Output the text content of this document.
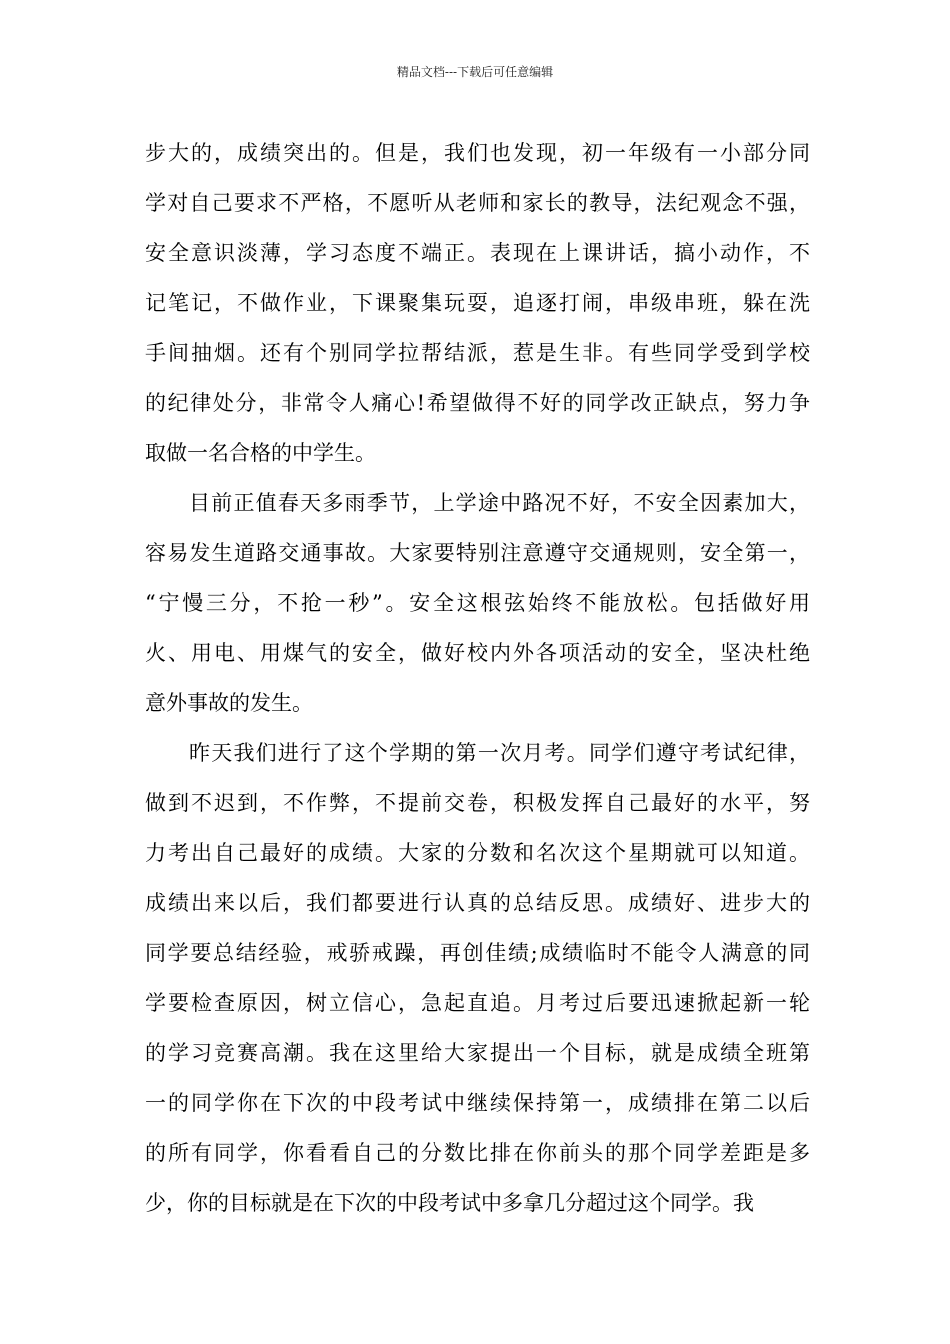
精品文档---下载后可任意编辑
步大的，成绩突出的。但是，我们也发现，初一年级有一小部分同
学对自己要求不严格，不愿听从老师和家长的教导，法纪观念不强，
安全意识淡薄，学习态度不端正。表现在上课讲话，搞小动作，不
记笔记，不做作业，下课聚集玩耍，追逐打闹，串级串班，躲在洗
手间抽烟。还有个别同学拉帮结派，惹是生非。有些同学受到学校
的纪律处分，非常令人痛心!希望做得不好的同学改正缺点，努力争
取做一名合格的中学生。
目前正值春天多雨季节，上学途中路况不好，不安全因素加大，
容易发生道路交通事故。大家要特别注意遵守交通规则，安全第一，
“宁慢三分，不抢一秒”。安全这根弦始终不能放松。包括做好用
火、用电、用煤气的安全，做好校内外各项活动的安全，坚决杜绝
意外事故的发生。
昨天我们进行了这个学期的第一次月考。同学们遵守考试纪律，
做到不迟到，不作弊，不提前交卷，积极发挥自己最好的水平，努
力考出自己最好的成绩。大家的分数和名次这个星期就可以知道。
成绩出来以后，我们都要进行认真的总结反思。成绩好、进步大的
同学要总结经验，戒骄戒躁，再创佳绩;成绩临时不能令人满意的同
学要检查原因，树立信心，急起直追。月考过后要迅速掀起新一轮
的学习竞赛高潮。我在这里给大家提出一个目标，就是成绩全班第
一的同学你在下次的中段考试中继续保持第一，成绩排在第二以后
的所有同学，你看看自己的分数比排在你前头的那个同学差距是多
少，你的目标就是在下次的中段考试中多拿几分超过这个同学。我
